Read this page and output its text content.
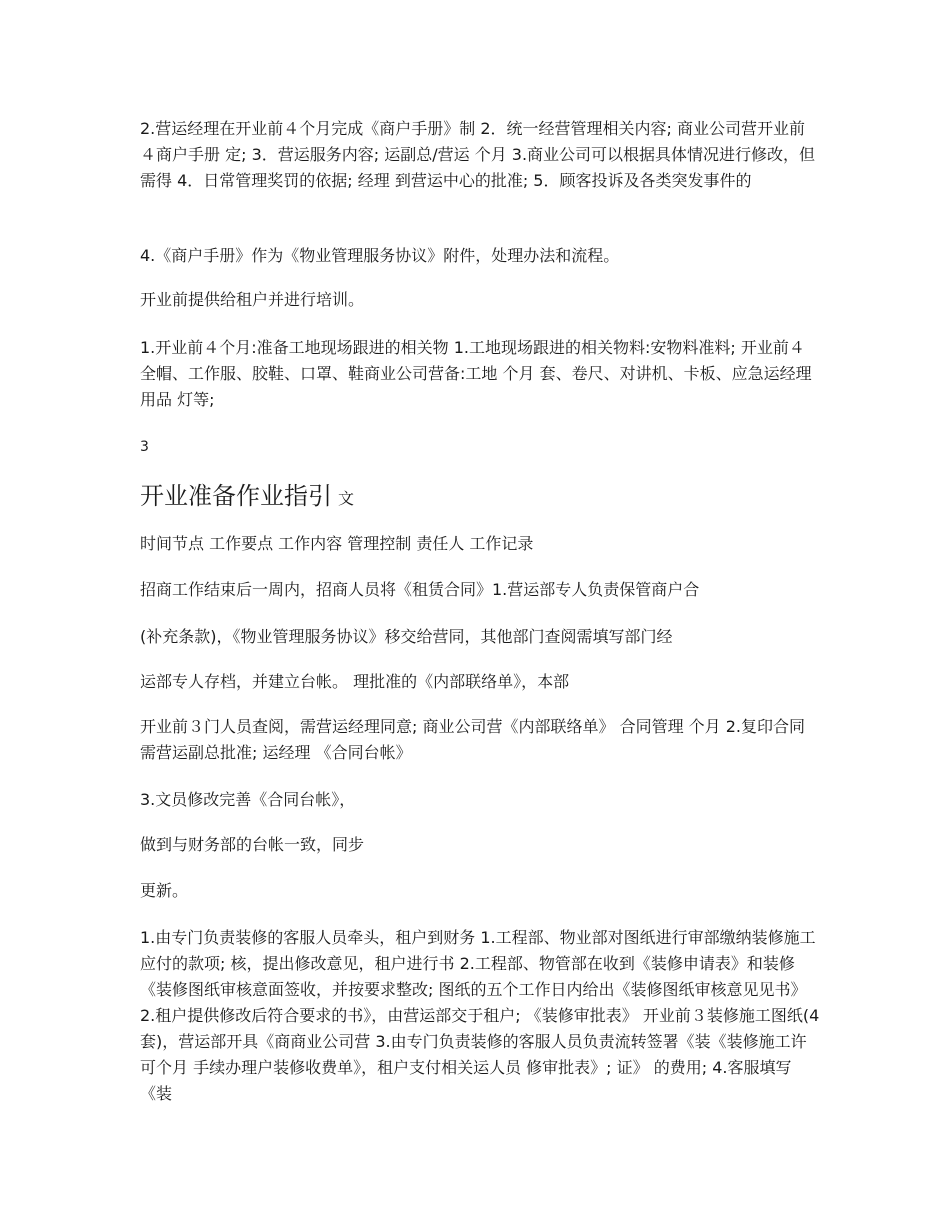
2.营运经理在开业前４个月完成《商户手册》制 2．统一经营管理相关内容; 商业公司营开业前４商户手册 定; 3．营运服务内容; 运副总/营运 个月 3.商业公司可以根据具体情况进行修改，但需得 4．日常管理奖罚的依据; 经理 到营运中心的批准; 5．顾客投诉及各类突发事件的

4.《商户手册》作为《物业管理服务协议》附件，处理办法和流程。

开业前提供给租户并进行培训。

1.开业前４个月:准备工地现场跟进的相关物 1.工地现场跟进的相关物料:安物料准料; 开业前４全帽、工作服、胶鞋、口罩、鞋商业公司营备:工地 个月 套、卷尺、对讲机、卡板、应急运经理 用品 灯等;

3
开业准备作业指引 文

时间节点 工作要点 工作内容 管理控制 责任人 工作记录

招商工作结束后一周内，招商人员将《租赁合同》1.营运部专人负责保管商户合

(补充条款)，《物业管理服务协议》移交给营同，其他部门查阅需填写部门经

运部专人存档，并建立台帐。 理批准的《内部联络单》，本部

开业前３门人员查阅，需营运经理同意; 商业公司营《内部联络单》 合同管理 个月 2.复印合同需营运副总批准; 运经理 《合同台帐》

3.文员修改完善《合同台帐》，

做到与财务部的台帐一致，同步

更新。

1.由专门负责装修的客服人员牵头，租户到财务 1.工程部、物业部对图纸进行审部缴纳装修施工应付的款项; 核，提出修改意见，租户进行书 2.工程部、物管部在收到《装修申请表》和装修《装修图纸审核意面签收，并按要求整改; 图纸的五个工作日内给出《装修图纸审核意见见书》 2.租户提供修改后符合要求的书》，由营运部交于租户; 《装修审批表》 开业前３装修施工图纸(4 套)，营运部开具《商商业公司营 3.由专门负责装修的客服人员负责流转签署《装《装修施工许可个月 手续办理户装修收费单》，租户支付相关运人员 修审批表》; 证》 的费用; 4.客服填写《装
